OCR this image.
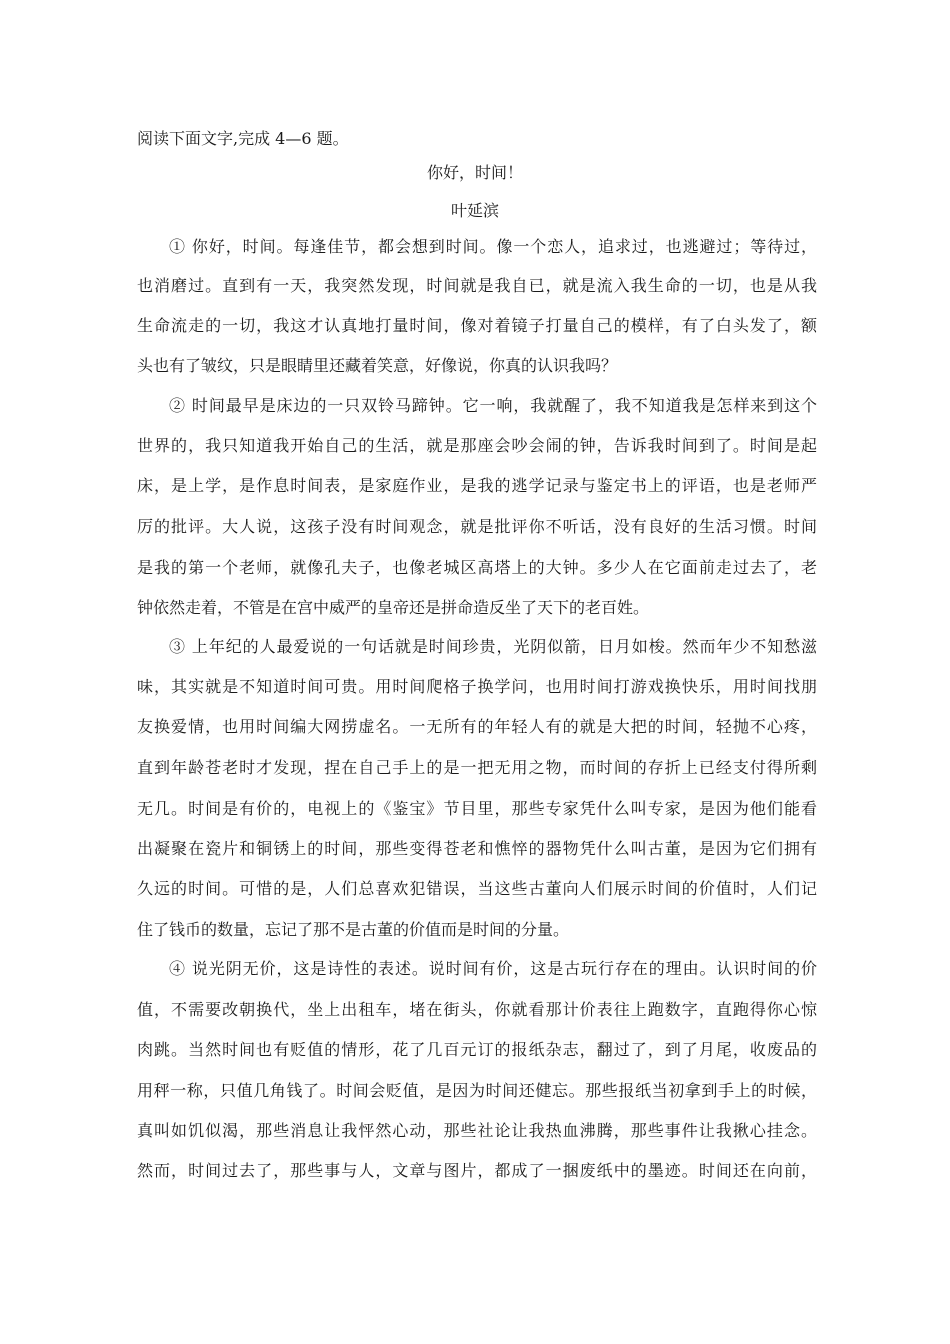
阅读下面文字,完成 4—6 题。
你好，时间！
叶延滨
① 你好，时间。每逢佳节，都会想到时间。像一个恋人，追求过，也逃避过；等待过，
也消磨过。直到有一天，我突然发现，时间就是我自已，就是流入我生命的一切，也是从我
生命流走的一切，我这才认真地打量时间，像对着镜子打量自己的模样，有了白头发了，额
头也有了皱纹，只是眼睛里还藏着笑意，好像说，你真的认识我吗？
② 时间最早是床边的一只双铃马蹄钟。它一响，我就醒了，我不知道我是怎样来到这个
世界的，我只知道我开始自己的生活，就是那座会吵会闹的钟，告诉我时间到了。时间是起
床，是上学，是作息时间表，是家庭作业，是我的逃学记录与鉴定书上的评语，也是老师严
厉的批评。大人说，这孩子没有时间观念，就是批评你不听话，没有良好的生活习惯。时间
是我的第一个老师，就像孔夫子，也像老城区高塔上的大钟。多少人在它面前走过去了，老
钟依然走着，不管是在宫中威严的皇帝还是拼命造反坐了天下的老百姓。
③ 上年纪的人最爱说的一句话就是时间珍贵，光阴似箭，日月如梭。然而年少不知愁滋
味，其实就是不知道时间可贵。用时间爬格子换学问，也用时间打游戏换快乐，用时间找朋
友换爱情，也用时间编大网捞虚名。一无所有的年轻人有的就是大把的时间，轻抛不心疼，
直到年龄苍老时才发现，捏在自己手上的是一把无用之物，而时间的存折上已经支付得所剩
无几。时间是有价的，电视上的《鉴宝》节目里，那些专家凭什么叫专家，是因为他们能看
出凝聚在瓷片和铜锈上的时间，那些变得苍老和憔悴的器物凭什么叫古董，是因为它们拥有
久远的时间。可惜的是，人们总喜欢犯错误，当这些古董向人们展示时间的价值时，人们记
住了钱币的数量，忘记了那不是古董的价值而是时间的分量。
④ 说光阴无价，这是诗性的表述。说时间有价，这是古玩行存在的理由。认识时间的价
值，不需要改朝换代，坐上出租车，堵在街头，你就看那计价表往上跑数字，直跑得你心惊
肉跳。当然时间也有贬值的情形，花了几百元订的报纸杂志，翻过了，到了月尾，收废品的
用秤一称，只值几角钱了。时间会贬值，是因为时间还健忘。那些报纸当初拿到手上的时候，
真叫如饥似渴，那些消息让我怦然心动，那些社论让我热血沸腾，那些事件让我揪心挂念。
然而，时间过去了，那些事与人，文章与图片，都成了一捆废纸中的墨迹。时间还在向前，
